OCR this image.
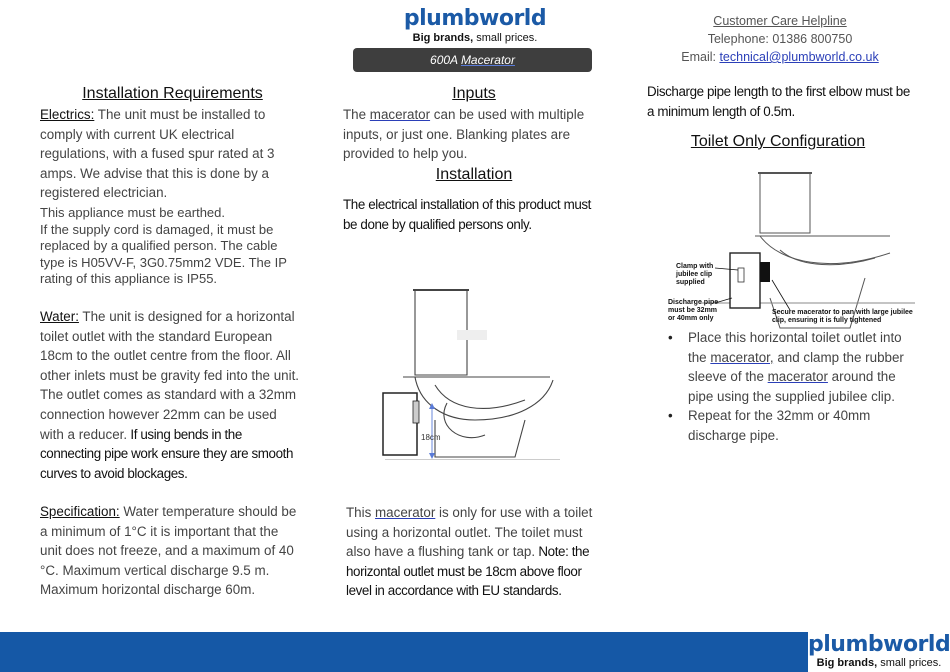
plumbworld
Big brands, small prices.
600A Macerator
Customer Care Helpline
Telephone: 01386 800750
Email: technical@plumbworld.co.uk
Installation Requirements
Electrics: The unit must be installed to comply with current UK electrical regulations, with a fused spur rated at 3 amps. We advise that this is done by a registered electrician.
This appliance must be earthed.
If the supply cord is damaged, it must be replaced by a qualified person. The cable type is H05VV-F, 3G0.75mm2 VDE. The IP rating of this appliance is IP55.
Water: The unit is designed for a horizontal toilet outlet with the standard European 18cm to the outlet centre from the floor. All other inlets must be gravity fed into the unit. The outlet comes as standard with a 32mm connection however 22mm can be used with a reducer. If using bends in the connecting pipe work ensure they are smooth curves to avoid blockages.
Specification: Water temperature should be a minimum of 1°C it is important that the unit does not freeze, and a maximum of 40 °C. Maximum vertical discharge 9.5 m. Maximum horizontal discharge 60m.
Inputs
The macerator can be used with multiple inputs, or just one. Blanking plates are provided to help you.
Installation
The electrical installation of this product must be done by qualified persons only.
18cm
This macerator is only for use with a toilet using a horizontal outlet. The toilet must also have a flushing tank or tap. Note: the horizontal outlet must be 18cm above floor level in accordance with EU standards.
Discharge pipe length to the first elbow must be a minimum length of 0.5m.
Toilet Only Configuration
Clamp with
jubilee clip
supplied
Discharge pipe
must be 32mm
or 40mm only
Secure macerator to pan with large jubilee
clip, ensuring it is fully tightened
• Place this horizontal toilet outlet into the macerator, and clamp the rubber sleeve of the macerator around the pipe using the supplied jubilee clip.
• Repeat for the 32mm or 40mm discharge pipe.
plumbworld
Big brands, small prices.
